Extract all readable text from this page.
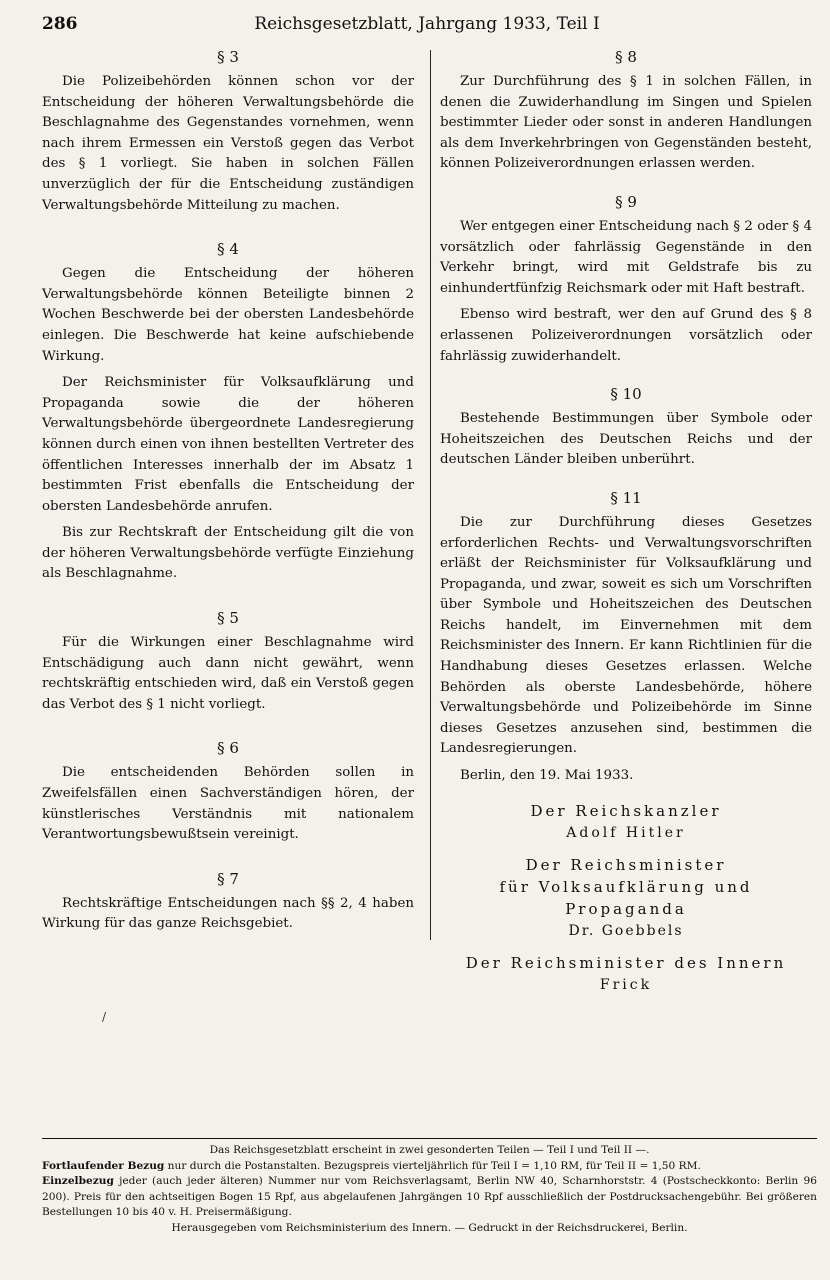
286	Reichsgesetzblatt, Jahrgang 1933, Teil I

§ 3

Die Polizeibehörden können schon vor der Entscheidung der höheren Verwaltungsbehörde die Beschlagnahme des Gegenstandes vornehmen, wenn nach ihrem Ermessen ein Verstoß gegen das Verbot des § 1 vorliegt. Sie haben in solchen Fällen unverzüglich der für die Entscheidung zuständigen Verwaltungsbehörde Mitteilung zu machen.

§ 4

Gegen die Entscheidung der höheren Verwaltungsbehörde können Beteiligte binnen 2 Wochen Beschwerde bei der obersten Landesbehörde einlegen. Die Beschwerde hat keine aufschiebende Wirkung.

Der Reichsminister für Volksaufklärung und Propaganda sowie die der höheren Verwaltungsbehörde übergeordnete Landesregierung können durch einen von ihnen bestellten Vertreter des öffentlichen Interesses innerhalb der im Absatz 1 bestimmten Frist ebenfalls die Entscheidung der obersten Landesbehörde anrufen.

Bis zur Rechtskraft der Entscheidung gilt die von der höheren Verwaltungsbehörde verfügte Einziehung als Beschlagnahme.

§ 5

Für die Wirkungen einer Beschlagnahme wird Entschädigung auch dann nicht gewährt, wenn rechtskräftig entschieden wird, daß ein Verstoß gegen das Verbot des § 1 nicht vorliegt.

§ 6

Die entscheidenden Behörden sollen in Zweifelsfällen einen Sachverständigen hören, der künstlerisches Verständnis mit nationalem Verantwortungsbewußtsein vereinigt.

§ 7

Rechtskräftige Entscheidungen nach §§ 2, 4 haben Wirkung für das ganze Reichsgebiet.

§ 8

Zur Durchführung des § 1 in solchen Fällen, in denen die Zuwiderhandlung im Singen und Spielen bestimmter Lieder oder sonst in anderen Handlungen als dem Inverkehrbringen von Gegenständen besteht, können Polizeiverordnungen erlassen werden.

§ 9

Wer entgegen einer Entscheidung nach § 2 oder § 4 vorsätzlich oder fahrlässig Gegenstände in den Verkehr bringt, wird mit Geldstrafe bis zu einhundertfünfzig Reichsmark oder mit Haft bestraft.

Ebenso wird bestraft, wer den auf Grund des § 8 erlassenen Polizeiverordnungen vorsätzlich oder fahrlässig zuwiderhandelt.

§ 10

Bestehende Bestimmungen über Symbole oder Hoheitszeichen des Deutschen Reichs und der deutschen Länder bleiben unberührt.

§ 11

Die zur Durchführung dieses Gesetzes erforderlichen Rechts- und Verwaltungsvorschriften erläßt der Reichsminister für Volksaufklärung und Propaganda, und zwar, soweit es sich um Vorschriften über Symbole und Hoheitszeichen des Deutschen Reichs handelt, im Einvernehmen mit dem Reichsminister des Innern. Er kann Richtlinien für die Handhabung dieses Gesetzes erlassen. Welche Behörden als oberste Landesbehörde, höhere Verwaltungsbehörde und Polizeibehörde im Sinne dieses Gesetzes anzusehen sind, bestimmen die Landesregierungen.

Berlin, den 19. Mai 1933.

Der Reichskanzler

Adolf Hitler

Der Reichsminister

für Volksaufklärung und Propaganda

Dr. Goebbels

Der Reichsminister des Innern

Frick

/

Das Reichsgesetzblatt erscheint in zwei gesonderten Teilen — Teil I und Teil II —.

Fortlaufender Bezug nur durch die Postanstalten. Bezugspreis vierteljährlich für Teil I = 1,10 RM, für Teil II = 1,50 RM.

Einzelbezug jeder (auch jeder älteren) Nummer nur vom Reichsverlagsamt, Berlin NW 40, Scharnhorststr. 4 (Postscheckkonto: Berlin 96 200). Preis für den achtseitigen Bogen 15 Rpf, aus abgelaufenen Jahrgängen 10 Rpf ausschließlich der Postdrucksachengebühr. Bei größeren Bestellungen 10 bis 40 v. H. Preisermäßigung.

Herausgegeben vom Reichsministerium des Innern. — Gedruckt in der Reichsdruckerei, Berlin.
